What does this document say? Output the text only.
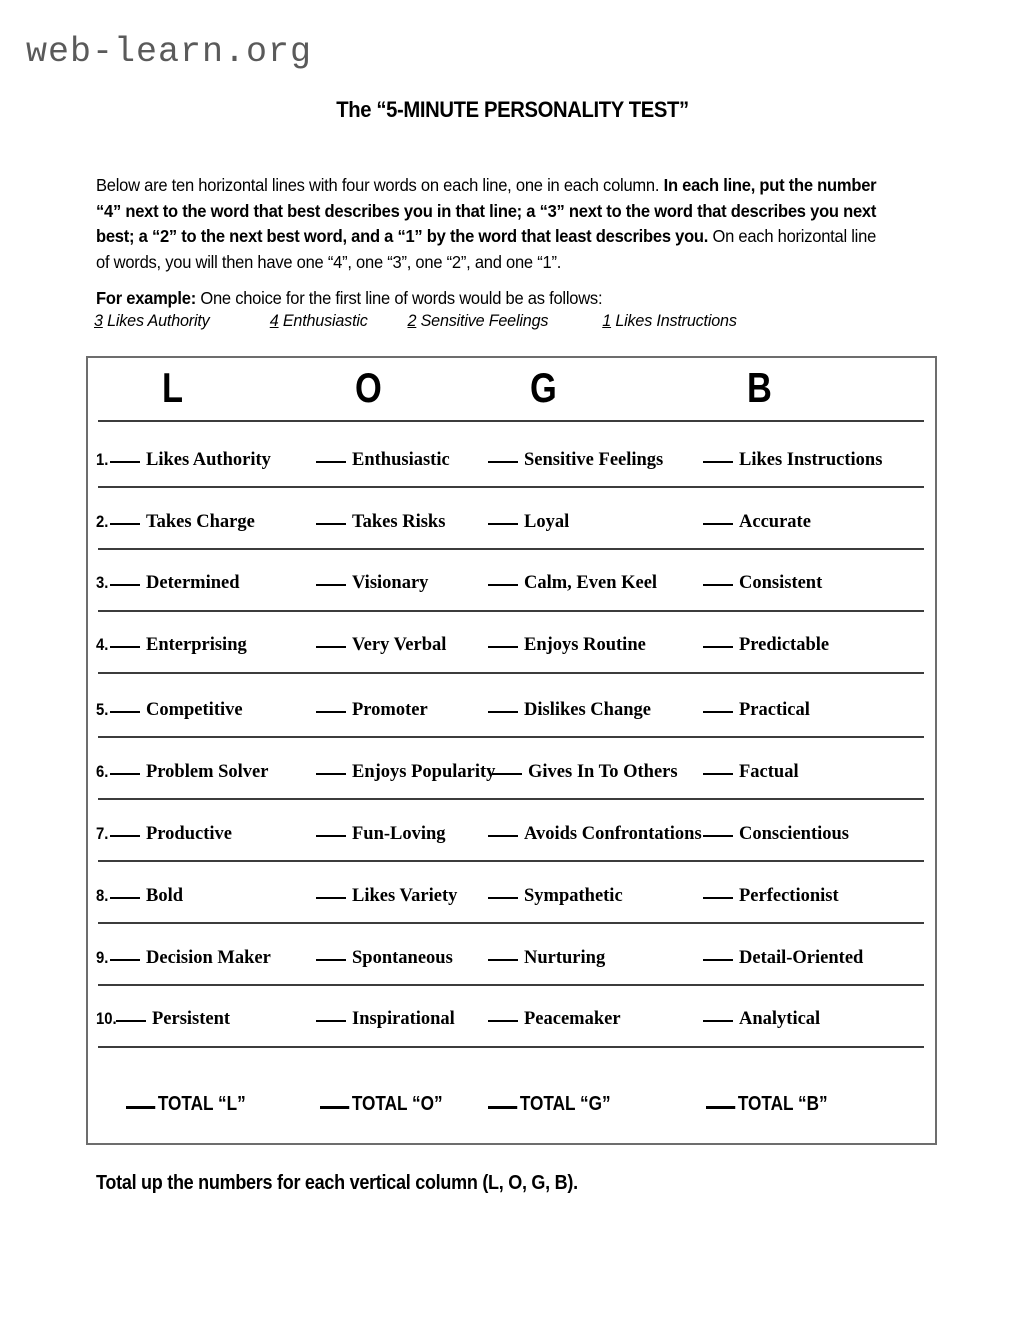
web-learn.org
The “5-MINUTE PERSONALITY TEST”
Below are ten horizontal lines with four words on each line, one in each column. In each line, put the number “4” next to the word that best describes you in that line; a “3” next to the word that describes you next best; a “2” to the next best word, and a “1” by the word that least describes you. On each horizontal line of words, you will then have one “4”, one “3”, one “2”, and one “1”.
For example: One choice for the first line of words would be as follows:
3 Likes Authority	4 Enthusiastic 2 Sensitive Feelings	1 Likes Instructions
L	O	G	B
1.	Likes Authority	Enthusiastic	Sensitive Feelings	Likes Instructions
2.	Takes Charge	Takes Risks	Loyal	Accurate
3.	Determined	Visionary	Calm, Even Keel	Consistent
4.	Enterprising	Very Verbal	Enjoys Routine	Predictable
5.	Competitive	Promoter	Dislikes Change	Practical
6.	Problem Solver	Enjoys Popularity	Gives In To Others	Factual
7.	Productive	Fun-Loving	Avoids Confrontations	Conscientious
8.	Bold	Likes Variety	Sympathetic	Perfectionist
9.	Decision Maker	Spontaneous	Nurturing	Detail-Oriented
10.	Persistent	Inspirational	Peacemaker	Analytical
TOTAL “L”	TOTAL “O”	TOTAL “G”	TOTAL “B”
Total up the numbers for each vertical column (L, O, G, B).
